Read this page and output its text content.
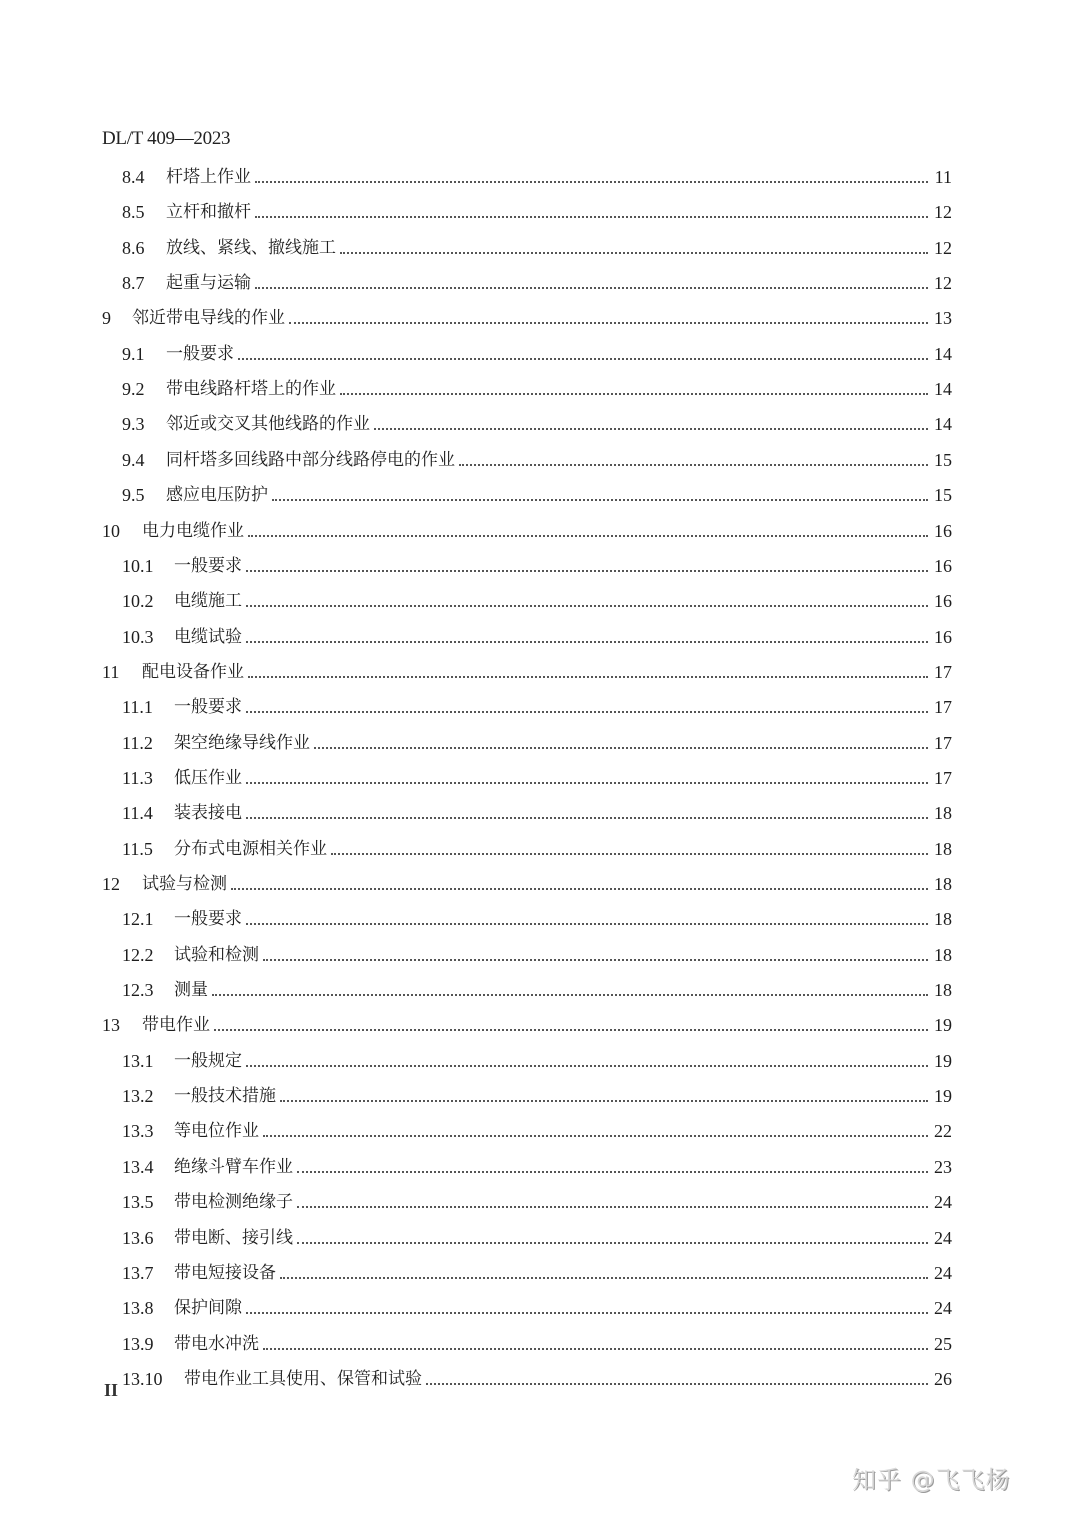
DL/T 409—2023
8.4	杆塔上作业	11
8.5	立杆和撤杆	12
8.6	放线、紧线、撤线施工	12
8.7	起重与运输	12
9	邻近带电导线的作业	13
9.1	一般要求	14
9.2	带电线路杆塔上的作业	14
9.3	邻近或交叉其他线路的作业	14
9.4	同杆塔多回线路中部分线路停电的作业	15
9.5	感应电压防护	15
10	电力电缆作业	16
10.1	一般要求	16
10.2	电缆施工	16
10.3	电缆试验	16
11	配电设备作业	17
11.1	一般要求	17
11.2	架空绝缘导线作业	17
11.3	低压作业	17
11.4	装表接电	18
11.5	分布式电源相关作业	18
12	试验与检测	18
12.1	一般要求	18
12.2	试验和检测	18
12.3	测量	18
13	带电作业	19
13.1	一般规定	19
13.2	一般技术措施	19
13.3	等电位作业	22
13.4	绝缘斗臂车作业	23
13.5	带电检测绝缘子	24
13.6	带电断、接引线	24
13.7	带电短接设备	24
13.8	保护间隙	24
13.9	带电水冲洗	25
13.10	带电作业工具使用、保管和试验	26
II
知乎 @飞飞杨
